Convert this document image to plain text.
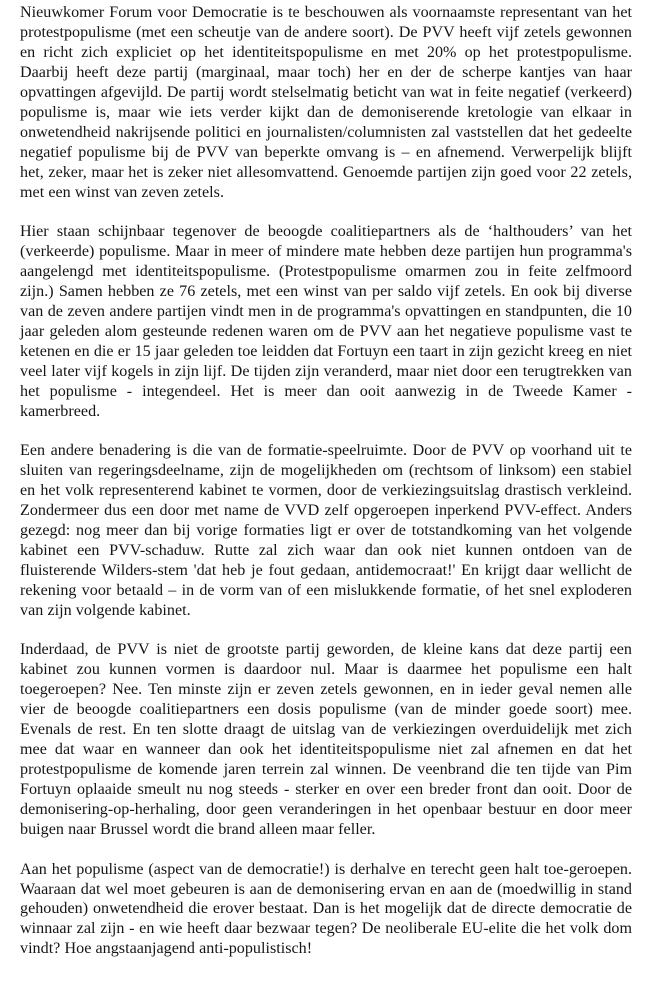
Nieuwkomer Forum voor Democratie is te beschouwen als voornaamste representant van het protestpopulisme (met een scheutje van de andere soort). De PVV heeft vijf zetels gewonnen en richt zich expliciet op het identiteitspopulisme en met 20% op het protestpopulisme. Daarbij heeft deze partij (marginaal, maar toch) her en der de scherpe kantjes van haar opvattingen afgevijld. De partij wordt stelselmatig beticht van wat in feite negatief (verkeerd) populisme is, maar wie iets verder kijkt dan de demoniserende kretologie van elkaar in onwetendheid nakrijsende politici en journalisten/columnisten zal vaststellen dat het gedeelte negatief populisme bij de PVV van beperkte omvang is – en afnemend. Verwerpelijk blijft het, zeker, maar het is zeker niet allesomvattend. Genoemde partijen zijn goed voor 22 zetels, met een winst van zeven zetels.

Hier staan schijnbaar tegenover de beoogde coalitiepartners als de ‘halthouders’ van het (verkeerde) populisme. Maar in meer of mindere mate hebben deze partijen hun programma's aangelengd met identiteitspopulisme. (Protestpopulisme omarmen zou in feite zelfmoord zijn.) Samen hebben ze 76 zetels, met een winst van per saldo vijf zetels. En ook bij diverse van de zeven andere partijen vindt men in de programma's opvattingen en standpunten, die 10 jaar geleden alom gesteunde redenen waren om de PVV aan het negatieve populisme vast te ketenen en die er 15 jaar geleden toe leidden dat Fortuyn een taart in zijn gezicht kreeg en niet veel later vijf kogels in zijn lijf. De tijden zijn veranderd, maar niet door een terugtrekken van het populisme - integendeel. Het is meer dan ooit aanwezig in de Tweede Kamer - kamerbreed.

Een andere benadering is die van de formatie-speelruimte. Door de PVV op voorhand uit te sluiten van regeringsdeelname, zijn de mogelijkheden om (rechtsom of linksom) een stabiel en het volk representerend kabinet te vormen, door de verkiezingsuitslag drastisch verkleind. Zondermeer dus een door met name de VVD zelf opgeroepen inperkend PVV-effect. Anders gezegd: nog meer dan bij vorige formaties ligt er over de totstandkoming van het volgende kabinet een PVV-schaduw. Rutte zal zich waar dan ook niet kunnen ontdoen van de fluisterende Wilders-stem 'dat heb je fout gedaan, antidemocraat!' En krijgt daar wellicht de rekening voor betaald – in de vorm van of een mislukkende formatie, of het snel exploderen van zijn volgende kabinet.

Inderdaad, de PVV is niet de grootste partij geworden, de kleine kans dat deze partij een kabinet zou kunnen vormen is daardoor nul. Maar is daarmee het populisme een halt toegeroepen? Nee. Ten minste zijn er zeven zetels gewonnen, en in ieder geval nemen alle vier de beoogde coalitiepartners een dosis populisme (van de minder goede soort) mee. Evenals de rest. En ten slotte draagt de uitslag van de verkiezingen overduidelijk met zich mee dat waar en wanneer dan ook het identiteitspopulisme niet zal afnemen en dat het protestpopulisme de komende jaren terrein zal winnen. De veenbrand die ten tijde van Pim Fortuyn oplaaide smeult nu nog steeds - sterker en over een breder front dan ooit. Door de demonisering-op-herhaling, door geen veranderingen in het openbaar bestuur en door meer buigen naar Brussel wordt die brand alleen maar feller.

Aan het populisme (aspect van de democratie!) is derhalve en terecht geen halt toe-geroepen. Waaraan dat wel moet gebeuren is aan de demonisering ervan en aan de (moedwillig in stand gehouden) onwetendheid die erover bestaat. Dan is het mogelijk dat de directe democratie de winnaar zal zijn - en wie heeft daar bezwaar tegen? De neoliberale EU-elite die het volk dom vindt? Hoe angstaanjagend anti-populistisch!
